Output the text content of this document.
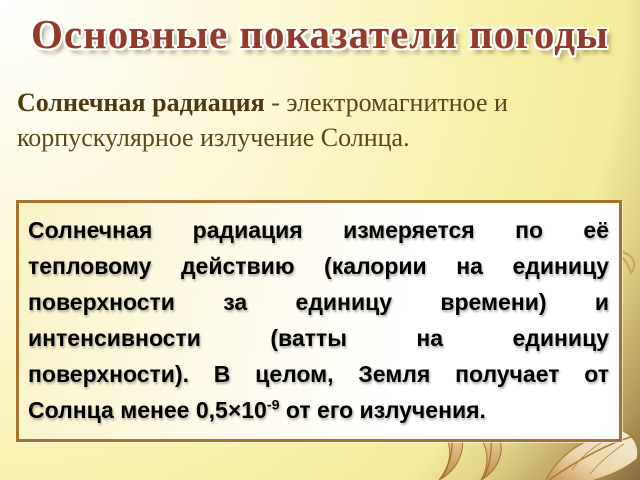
Основные показатели погоды

Солнечная радиация - электромагнитное и корпускулярное излучение Солнца.

Солнечная радиация измеряется по её
тепловому действию (калории на единицу
поверхности за единицу времени) и
интенсивности (ватты на единицу
поверхности). В целом, Земля получает от
Солнца менее $0,5\times 10^{-9}$ от его излучения.
